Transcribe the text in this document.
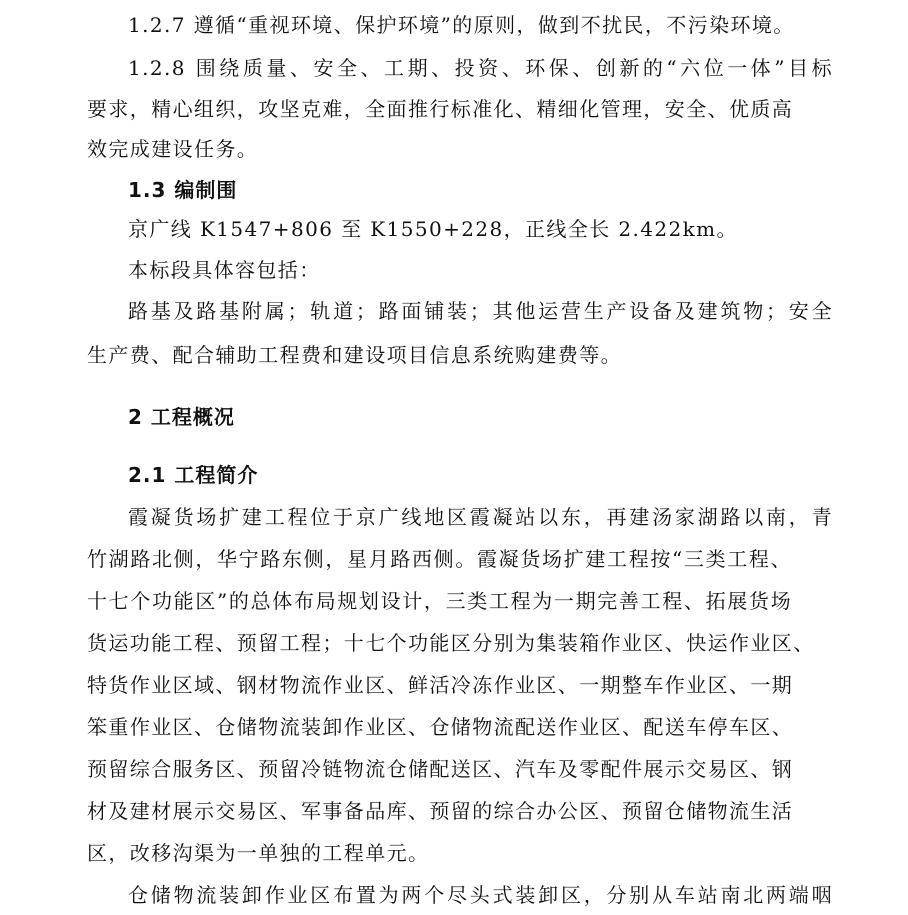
1.2.7 遵循“重视环境、保护环境”的原则，做到不扰民，不污染环境。
1.2.8 围绕质量、安全、工期、投资、环保、创新的“六位一体”目标
要求，精心组织，攻坚克难，全面推行标准化、精细化管理，安全、优质高
效完成建设任务。
1.3 编制围
京广线 K1547+806 至 K1550+228，正线全长 2.422km。
本标段具体容包括：
路基及路基附属；轨道；路面铺装；其他运营生产设备及建筑物；安全
生产费、配合辅助工程费和建设项目信息系统购建费等。
2 工程概况
2.1 工程简介
霞凝货场扩建工程位于京广线地区霞凝站以东，再建汤家湖路以南，青
竹湖路北侧，华宁路东侧，星月路西侧。霞凝货场扩建工程按“三类工程、
十七个功能区”的总体布局规划设计，三类工程为一期完善工程、拓展货场
货运功能工程、预留工程；十七个功能区分别为集装箱作业区、快运作业区、
特货作业区域、钢材物流作业区、鲜活冷冻作业区、一期整车作业区、一期
笨重作业区、仓储物流装卸作业区、仓储物流配送作业区、配送车停车区、
预留综合服务区、预留冷链物流仓储配送区、汽车及零配件展示交易区、钢
材及建材展示交易区、军事备品库、预留的综合办公区、预留仓储物流生活
区，改移沟渠为一单独的工程单元。
仓储物流装卸作业区布置为两个尽头式装卸区，分别从车站南北两端咽
